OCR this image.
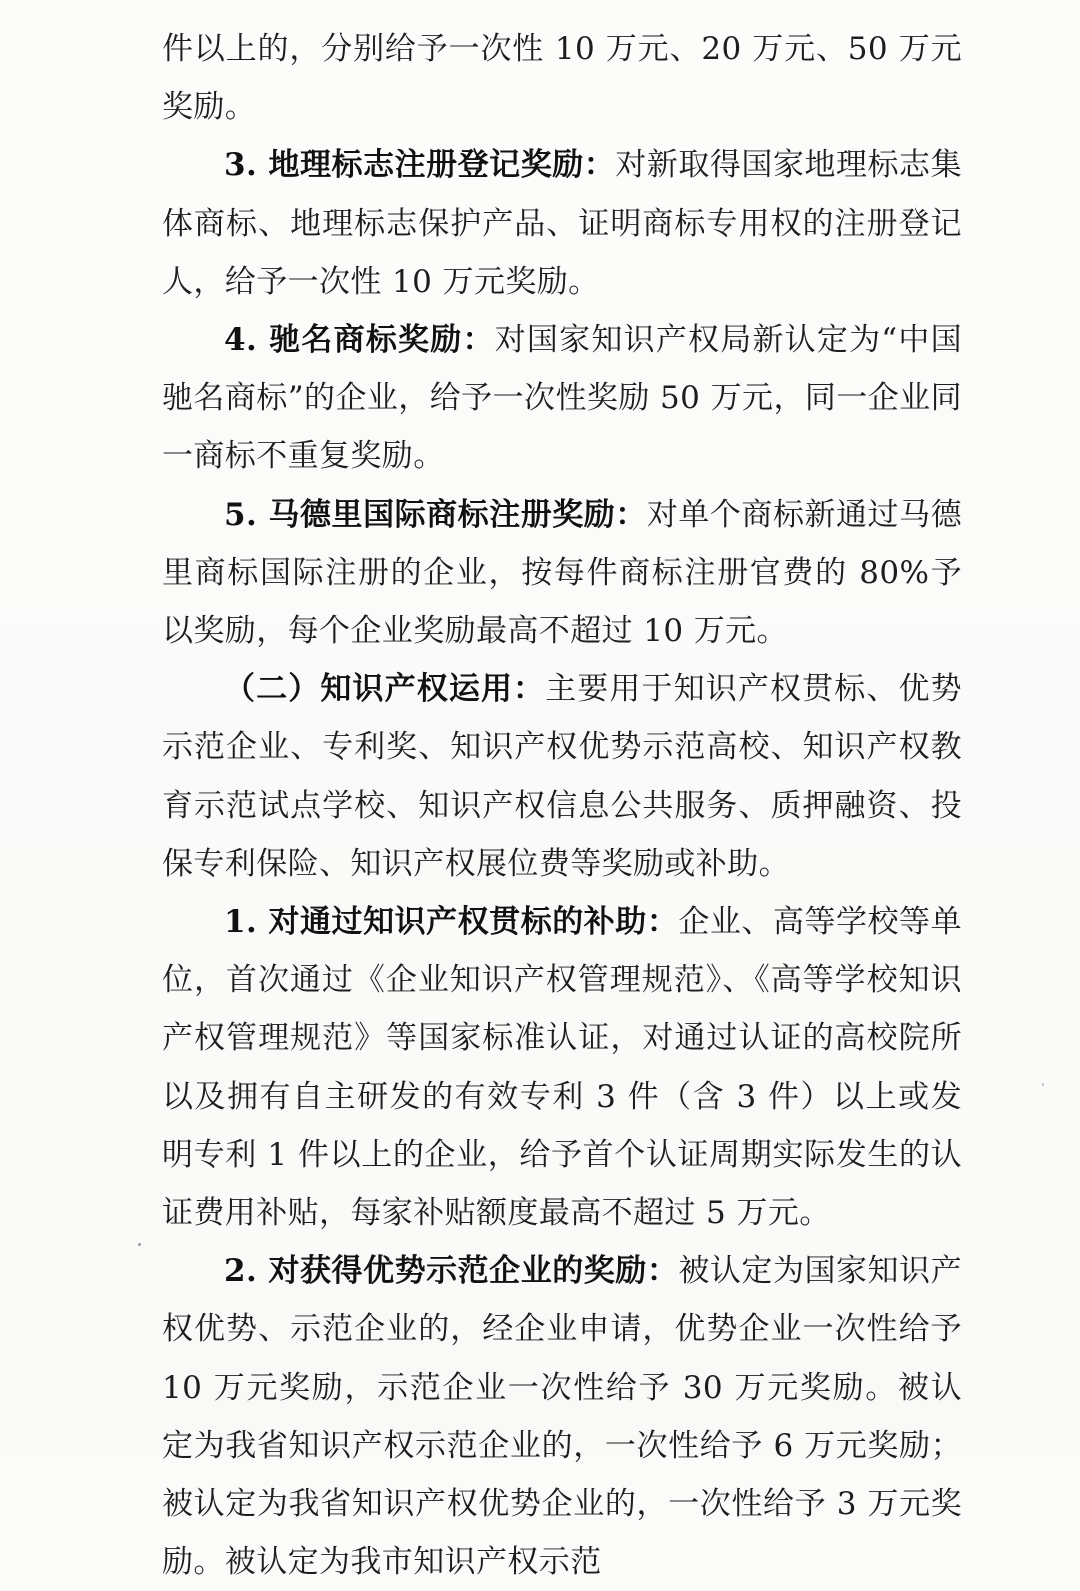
件以上的，分别给予一次性 10 万元、20 万元、50 万元奖励。

3. 地理标志注册登记奖励：对新取得国家地理标志集体商标、地理标志保护产品、证明商标专用权的注册登记人，给予一次性 10 万元奖励。

4. 驰名商标奖励：对国家知识产权局新认定为“中国驰名商标”的企业，给予一次性奖励 50 万元，同一企业同一商标不重复奖励。

5. 马德里国际商标注册奖励：对单个商标新通过马德里商标国际注册的企业，按每件商标注册官费的 80%予以奖励，每个企业奖励最高不超过 10 万元。

（二）知识产权运用：主要用于知识产权贯标、优势示范企业、专利奖、知识产权优势示范高校、知识产权教育示范试点学校、知识产权信息公共服务、质押融资、投保专利保险、知识产权展位费等奖励或补助。

1. 对通过知识产权贯标的补助：企业、高等学校等单位，首次通过《企业知识产权管理规范》、《高等学校知识产权管理规范》等国家标准认证，对通过认证的高校院所以及拥有自主研发的有效专利 3 件（含 3 件）以上或发明专利 1 件以上的企业，给予首个认证周期实际发生的认证费用补贴，每家补贴额度最高不超过 5 万元。

2. 对获得优势示范企业的奖励：被认定为国家知识产权优势、示范企业的，经企业申请，优势企业一次性给予 10 万元奖励，示范企业一次性给予 30 万元奖励。被认定为我省知识产权示范企业的，一次性给予 6 万元奖励；被认定为我省知识产权优势企业的，一次性给予 3 万元奖励。被认定为我市知识产权示范
